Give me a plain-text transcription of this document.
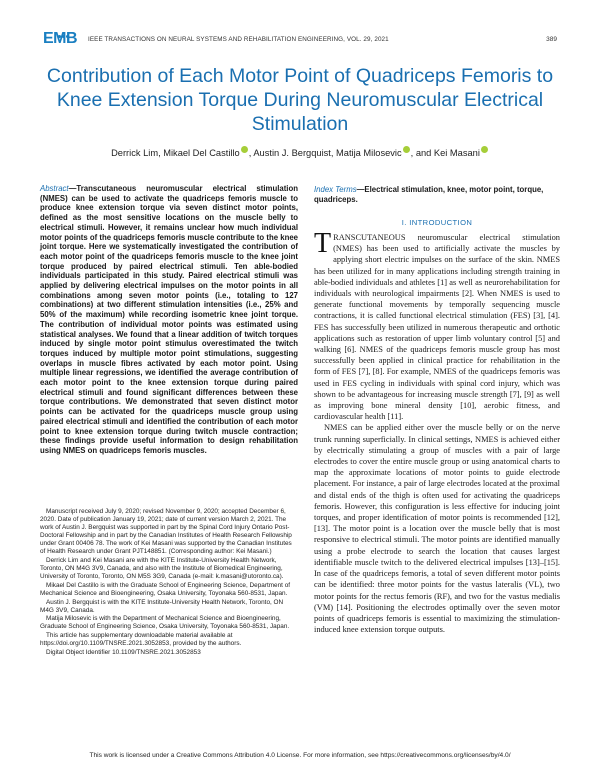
EMB IEEE TRANSACTIONS ON NEURAL SYSTEMS AND REHABILITATION ENGINEERING, VOL. 29, 2021	389
Contribution of Each Motor Point of Quadriceps Femoris to Knee Extension Torque During Neuromuscular Electrical Stimulation
Derrick Lim, Mikael Del Castillo , Austin J. Bergquist, Matija Milosevic , and Kei Masani
Abstract—Transcutaneous neuromuscular electrical stimulation (NMES) can be used to activate the quadriceps femoris muscle to produce knee extension torque via seven distinct motor points, defined as the most sensitive locations on the muscle belly to electrical stimuli. However, it remains unclear how much individual motor points of the quadriceps femoris muscle contribute to the knee joint torque. Here we systematically investigated the contribution of each motor point of the quadriceps femoris muscle to the knee joint torque produced by paired electrical stimuli. Ten able-bodied individuals participated in this study. Paired electrical stimuli was applied by delivering electrical impulses on the motor points in all combinations among seven motor points (i.e., totaling to 127 combinations) at two different stimulation intensities (i.e., 25% and 50% of the maximum) while recording isometric knee joint torque. The contribution of individual motor points was estimated using statistical analyses. We found that a linear addition of twitch torques induced by single motor point stimulus overestimated the twitch torques induced by multiple motor point stimulations, suggesting overlaps in muscle fibres activated by each motor point. Using multiple linear regressions, we identified the average contribution of each motor point to the knee extension torque during paired electrical stimuli and found significant differences between these torque contributions. We demonstrated that seven distinct motor points can be activated for the quadriceps muscle group using paired electrical stimuli and identified the contribution of each motor point to knee extension torque during twitch muscle contraction; these findings provide useful information to design rehabilitation using NMES on quadriceps femoris muscles.

Manuscript received July 9, 2020; revised November 9, 2020; accepted December 6, 2020. Date of publication January 19, 2021; date of current version March 2, 2021. The work of Austin J. Bergquist was supported in part by the Spinal Cord Injury Ontario Post-Doctoral Fellowship and in part by the Canadian Institutes of Health Research Fellowship under Grant 00406 78. The work of Kei Masani was supported by the Canadian Institutes of Health Research under Grant PJT148851. (Corresponding author: Kei Masani.)

Derrick Lim and Kei Masani are with the KITE Institute-University Health Network, Toronto, ON M4G 3V9, Canada, and also with the Institute of Biomedical Engineering, University of Toronto, Toronto, ON M5S 3G9, Canada (e-mail: k.masani@utoronto.ca).

Mikael Del Castillo is with the Graduate School of Engineering Science, Department of Mechanical Science and Bioengineering, Osaka University, Toyonaka 560-8531, Japan.

Austin J. Bergquist is with the KITE Institute-University Health Network, Toronto, ON M4G 3V9, Canada.

Matija Milosevic is with the Department of Mechanical Science and Bioengineering, Graduate School of Engineering Science, Osaka University, Toyonaka 560-8531, Japan.

This article has supplementary downloadable material available at https://doi.org/10.1109/TNSRE.2021.3052853, provided by the authors.

Digital Object Identifier 10.1109/TNSRE.2021.3052853

Index Terms—Electrical stimulation, knee, motor point, torque, quadriceps.
I. INTRODUCTION

TRANSCUTANEOUS neuromuscular electrical stimulation (NMES) has been used to artificially activate the muscles by applying short electric impulses on the surface of the skin. NMES has been utilized for in many applications including strength training in able-bodied individuals and athletes [1] as well as neurorehabilitation for individuals with neurological impairments [2]. When NMES is used to generate functional movements by temporally sequencing muscle contractions, it is called functional electrical stimulation (FES) [3], [4]. FES has successfully been utilized in numerous therapeutic and orthotic applications such as restoration of upper limb voluntary control [5] and walking [6]. NMES of the quadriceps femoris muscle group has most successfully been applied in clinical practice for rehabilitation in the form of FES [7], [8]. For example, NMES of the quadriceps femoris was used in FES cycling in individuals with spinal cord injury, which was shown to be advantageous for increasing muscle strength [7], [9] as well as improving bone mineral density [10], aerobic fitness, and cardiovascular health [11].

NMES can be applied either over the muscle belly or on the nerve trunk running superficially. In clinical settings, NMES is achieved either by electrically stimulating a group of muscles with a pair of large electrodes to cover the entire muscle group or using anatomical charts to map the approximate locations of motor points to guide electrode placement. For instance, a pair of large electrodes located at the proximal and distal ends of the thigh is often used for activating the quadriceps femoris. However, this configuration is less effective for inducing joint torques, and proper identification of motor points is recommended [12], [13]. The motor point is a location over the muscle belly that is most responsive to electrical stimuli. The motor points are identified manually using a probe electrode to search the location that causes largest identifiable muscle twitch to the delivered electrical impulses [13]–[15]. In case of the quadriceps femoris, a total of seven different motor points can be identified: three motor points for the vastus lateralis (VL), two motor points for the rectus femoris (RF), and two for the vastus medialis (VM) [14]. Positioning the electrodes optimally over the seven motor points of quadriceps femoris is essential to maximizing the stimulation-induced knee extension torque outputs.

This work is licensed under a Creative Commons Attribution 4.0 License. For more information, see https://creativecommons.org/licenses/by/4.0/
